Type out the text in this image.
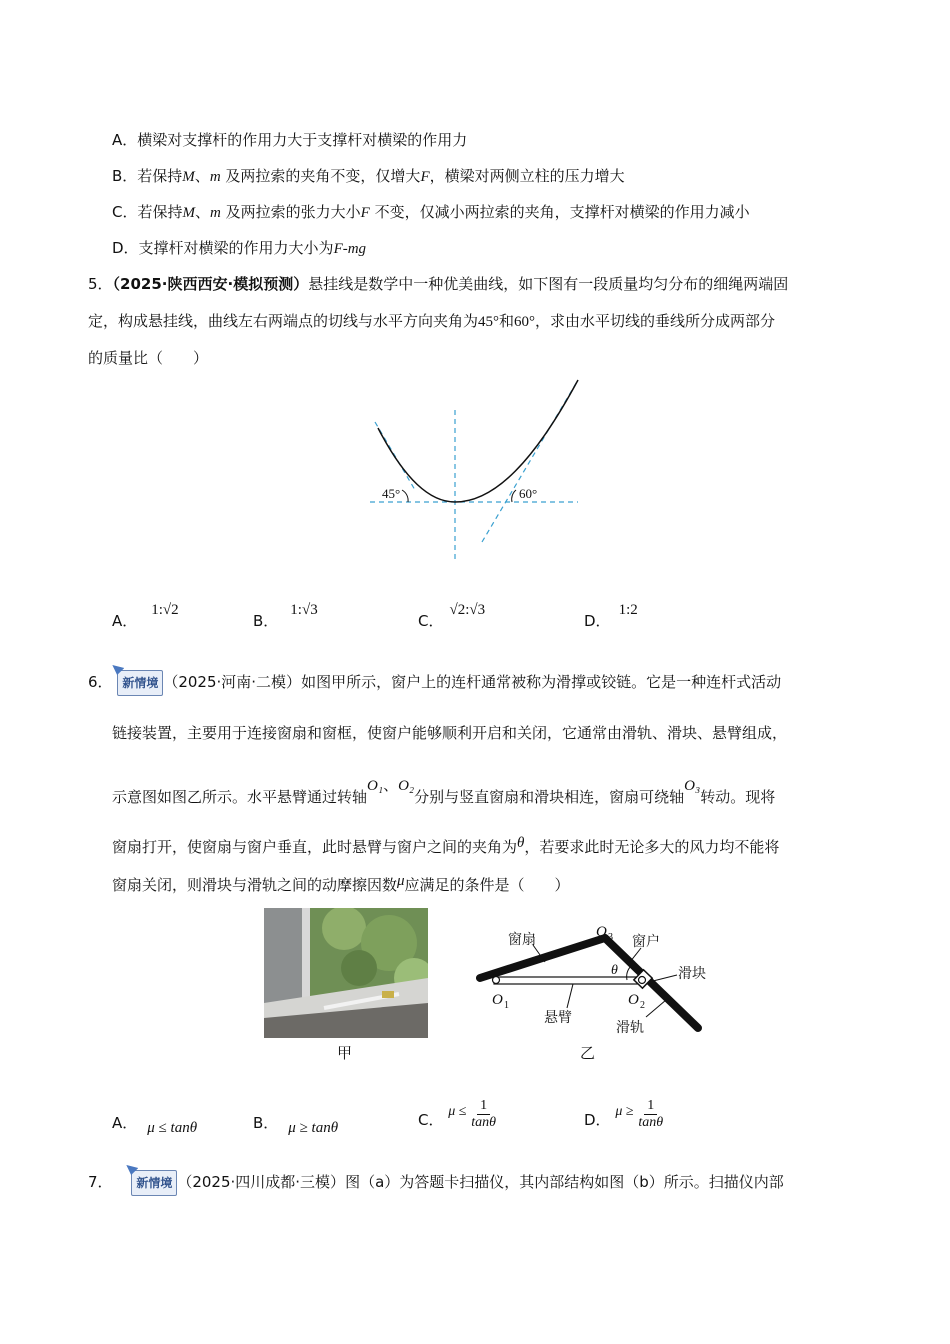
A．横梁对支撑杆的作用力大于支撑杆对横梁的作用力
B．若保持M、m 及两拉索的夹角不变，仅增大F，横梁对两侧立柱的压力增大
C．若保持M、m 及两拉索的张力大小F 不变，仅减小两拉索的夹角，支撑杆对横梁的作用力减小
D．支撑杆对横梁的作用力大小为F-mg
5．（2025·陕西西安·模拟预测）悬挂线是数学中一种优美曲线，如下图有一段质量均匀分布的细绳两端固
定，构成悬挂线，曲线左右两端点的切线与水平方向夹角为45°和60°，求由水平切线的垂线所分成两部分
的质量比（　　）
45°	60°
A．1:√2
B．1:√3
C．√2:√3
D．1:2
6． 新情境 （2025·河南·二模）如图甲所示，窗户上的连杆通常被称为滑撑或铰链。它是一种连杆式活动
链接装置，主要用于连接窗扇和窗框，使窗户能够顺利开启和关闭，它通常由滑轨、滑块、悬臂组成，
示意图如图乙所示。水平悬臂通过转轴O₁、O₂分别与竖直窗扇和滑块相连，窗扇可绕轴O₃转动。现将
窗扇打开，使窗扇与窗户垂直，此时悬臂与窗户之间的夹角为θ，若要求此时无论多大的风力均不能将
窗扇关闭，则滑块与滑轨之间的动摩擦因数μ应满足的条件是（　　）
甲
窗扇	窗户
滑块
悬臂
滑轨
O 1	O 2
O 3
θ
乙
A． μ ≤ tanθ	B． μ ≥ tanθ	C． $\mu \le \frac{1}{\tan\theta}$	D． $\mu \ge \frac{1}{\tan\theta}$
7． 新情境 （2025·四川成都·三模）图（a）为答题卡扫描仪，其内部结构如图（b）所示。扫描仪内部
